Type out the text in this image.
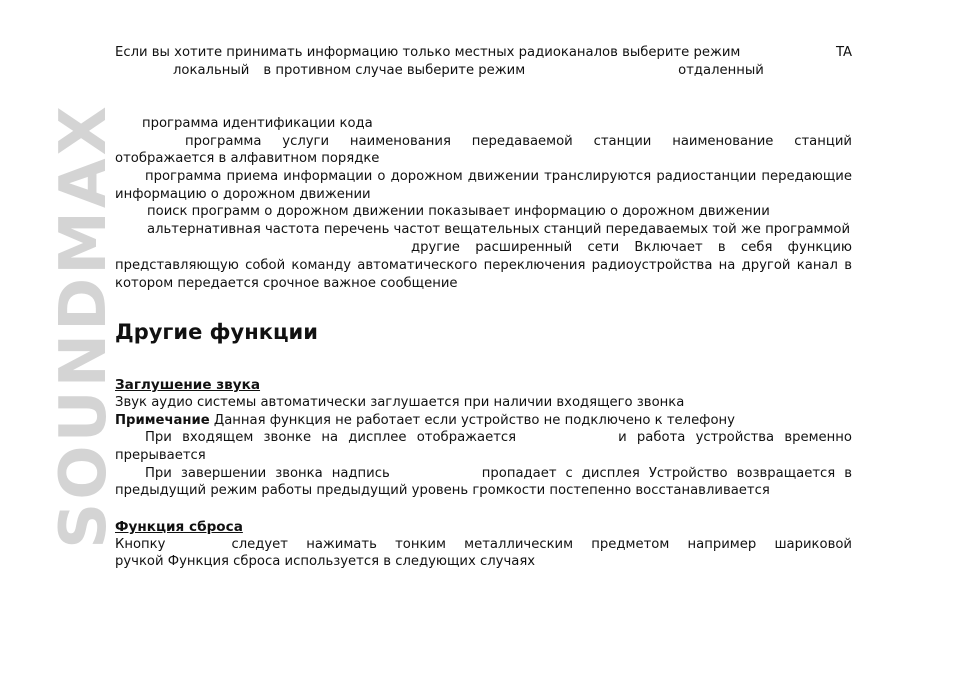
SOUNDMAX
Если вы хотите принимать информацию только местных радиоканалов выберите режим	TA
локальный в противном случае выберите режим	отдаленный

программа идентификации кода

программа услуги наименования передаваемой станции наименование станций отображается в алфавитном порядке

программа приема информации о дорожном движении транслируются радиостанции передающие информацию о дорожном движении

поиск программ о дорожном движении показывает информацию о дорожном движении

альтернативная частота перечень частот вещательных станций передаваемых той же программой

другие расширенный сети Включает в себя функцию

представляющую собой команду автоматического переключения радиоустройства на другой канал в котором передается срочное важное сообщение

Другие функции
Заглушение звука

Звук аудио системы автоматически заглушается при наличии входящего звонка

Примечание Данная функция не работает если устройство не подключено к телефону

При входящем звонке на дисплее отображается	и работа устройства временно прерывается

При завершении звонка надпись	пропадает с дисплея Устройство возвращается в предыдущий режим работы предыдущий уровень громкости постепенно восстанавливается

Функция сброса

Кнопку	следует нажимать тонким металлическим предметом например шариковой

ручкой Функция сброса используется в следующих случаях
